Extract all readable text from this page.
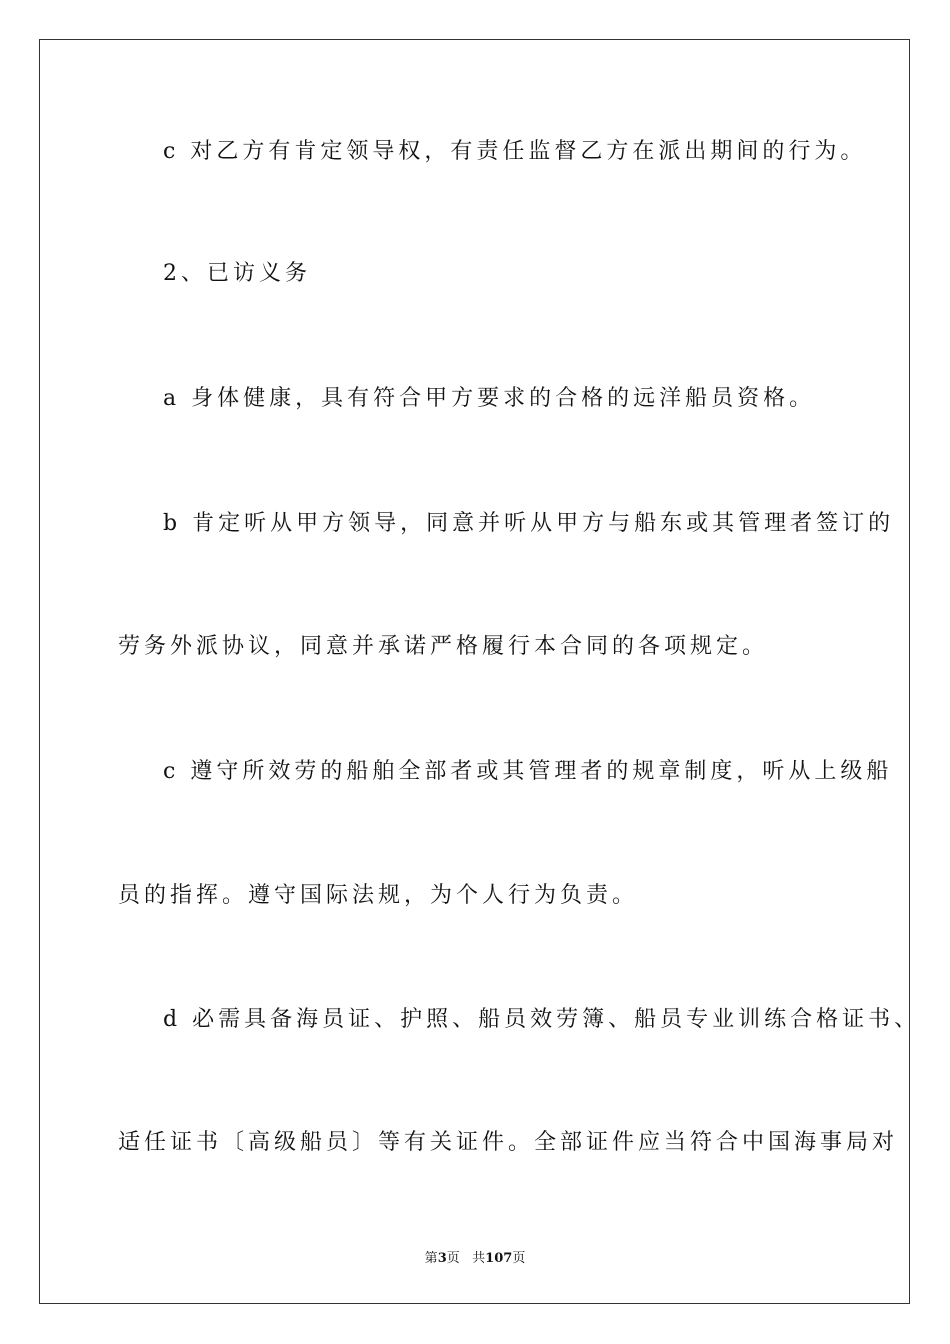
c 对乙方有肯定领导权，有责任监督乙方在派出期间的行为。
2、已访义务
a 身体健康，具有符合甲方要求的合格的远洋船员资格。
b 肯定听从甲方领导，同意并听从甲方与船东或其管理者签订的
劳务外派协议，同意并承诺严格履行本合同的各项规定。
c 遵守所效劳的船舶全部者或其管理者的规章制度，听从上级船
员的指挥。遵守国际法规，为个人行为负责。
d 必需具备海员证、护照、船员效劳簿、船员专业训练合格证书、
适任证书〔高级船员〕等有关证件。全部证件应当符合中国海事局对
第3页 共107页
